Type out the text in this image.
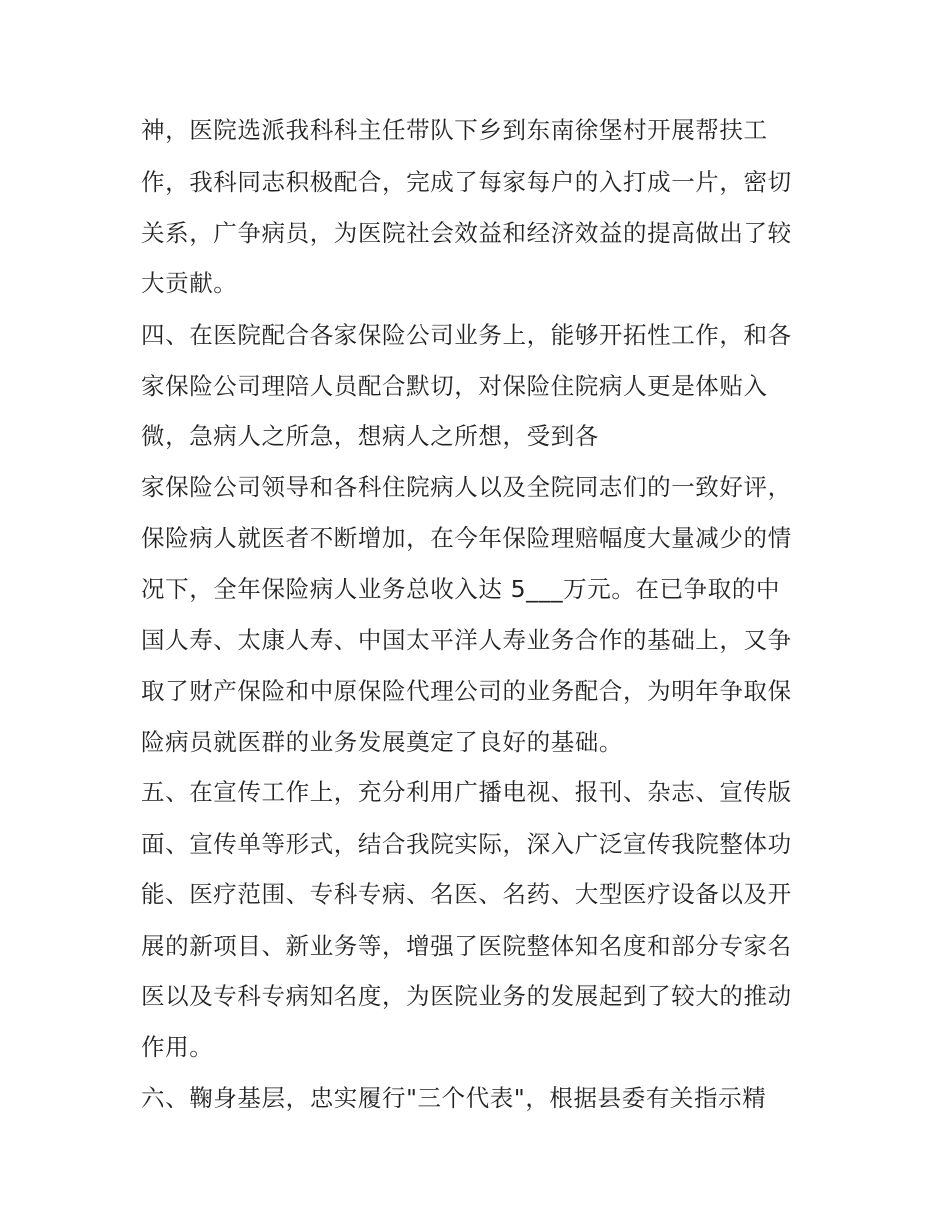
神，医院选派我科科主任带队下乡到东南徐堡村开展帮扶工
作，我科同志积极配合，完成了每家每户的入打成一片，密切
关系，广争病员，为医院社会效益和经济效益的提高做出了较
大贡献。
四、在医院配合各家保险公司业务上，能够开拓性工作，和各
家保险公司理陪人员配合默切，对保险住院病人更是体贴入
微，急病人之所急，想病人之所想，受到各
家保险公司领导和各科住院病人以及全院同志们的一致好评，
保险病人就医者不断增加，在今年保险理赔幅度大量减少的情
况下，全年保险病人业务总收入达 5___万元。在已争取的中
国人寿、太康人寿、中国太平洋人寿业务合作的基础上，又争
取了财产保险和中原保险代理公司的业务配合，为明年争取保
险病员就医群的业务发展奠定了良好的基础。
五、在宣传工作上，充分利用广播电视、报刊、杂志、宣传版
面、宣传单等形式，结合我院实际，深入广泛宣传我院整体功
能、医疗范围、专科专病、名医、名药、大型医疗设备以及开
展的新项目、新业务等，增强了医院整体知名度和部分专家名
医以及专科专病知名度，为医院业务的发展起到了较大的推动
作用。
六、鞠身基层，忠实履行"三个代表"，根据县委有关指示精
